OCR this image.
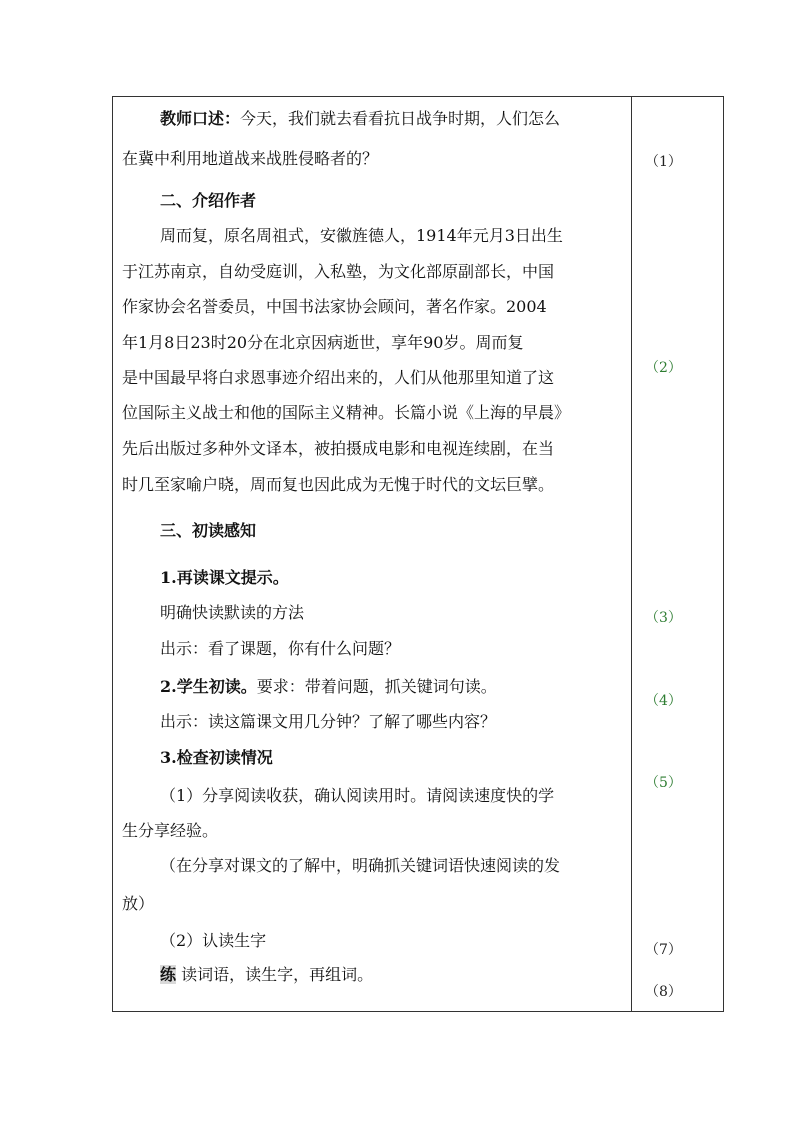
教师口述：今天，我们就去看看抗日战争时期，人们怎么
在冀中利用地道战来战胜侵略者的？
二、介绍作者
周而复，原名周祖式，安徽旌德人，1914年元月3日出生
于江苏南京，自幼受庭训，入私塾，为文化部原副部长，中国
作家协会名誉委员，中国书法家协会顾问，著名作家。2004
年1月8日23时20分在北京因病逝世，享年90岁。周而复
是中国最早将白求恩事迹介绍出来的，人们从他那里知道了这
位国际主义战士和他的国际主义精神。长篇小说《上海的早晨》
先后出版过多种外文译本，被拍摄成电影和电视连续剧，在当
时几至家喻户晓，周而复也因此成为无愧于时代的文坛巨擘。
三、初读感知
1.再读课文提示。
明确快读默读的方法
出示：看了课题，你有什么问题？
2.学生初读。要求：带着问题，抓关键词句读。
出示：读这篇课文用几分钟？了解了哪些内容？
3.检查初读情况
（1）分享阅读收获，确认阅读用时。请阅读速度快的学
生分享经验。
（在分享对课文的了解中，明确抓关键词语快速阅读的发
放）
（2）认读生字
练 读词语，读生字，再组词。
（1）
（2）
（3）
（4）
（5）
（7）
（8）
